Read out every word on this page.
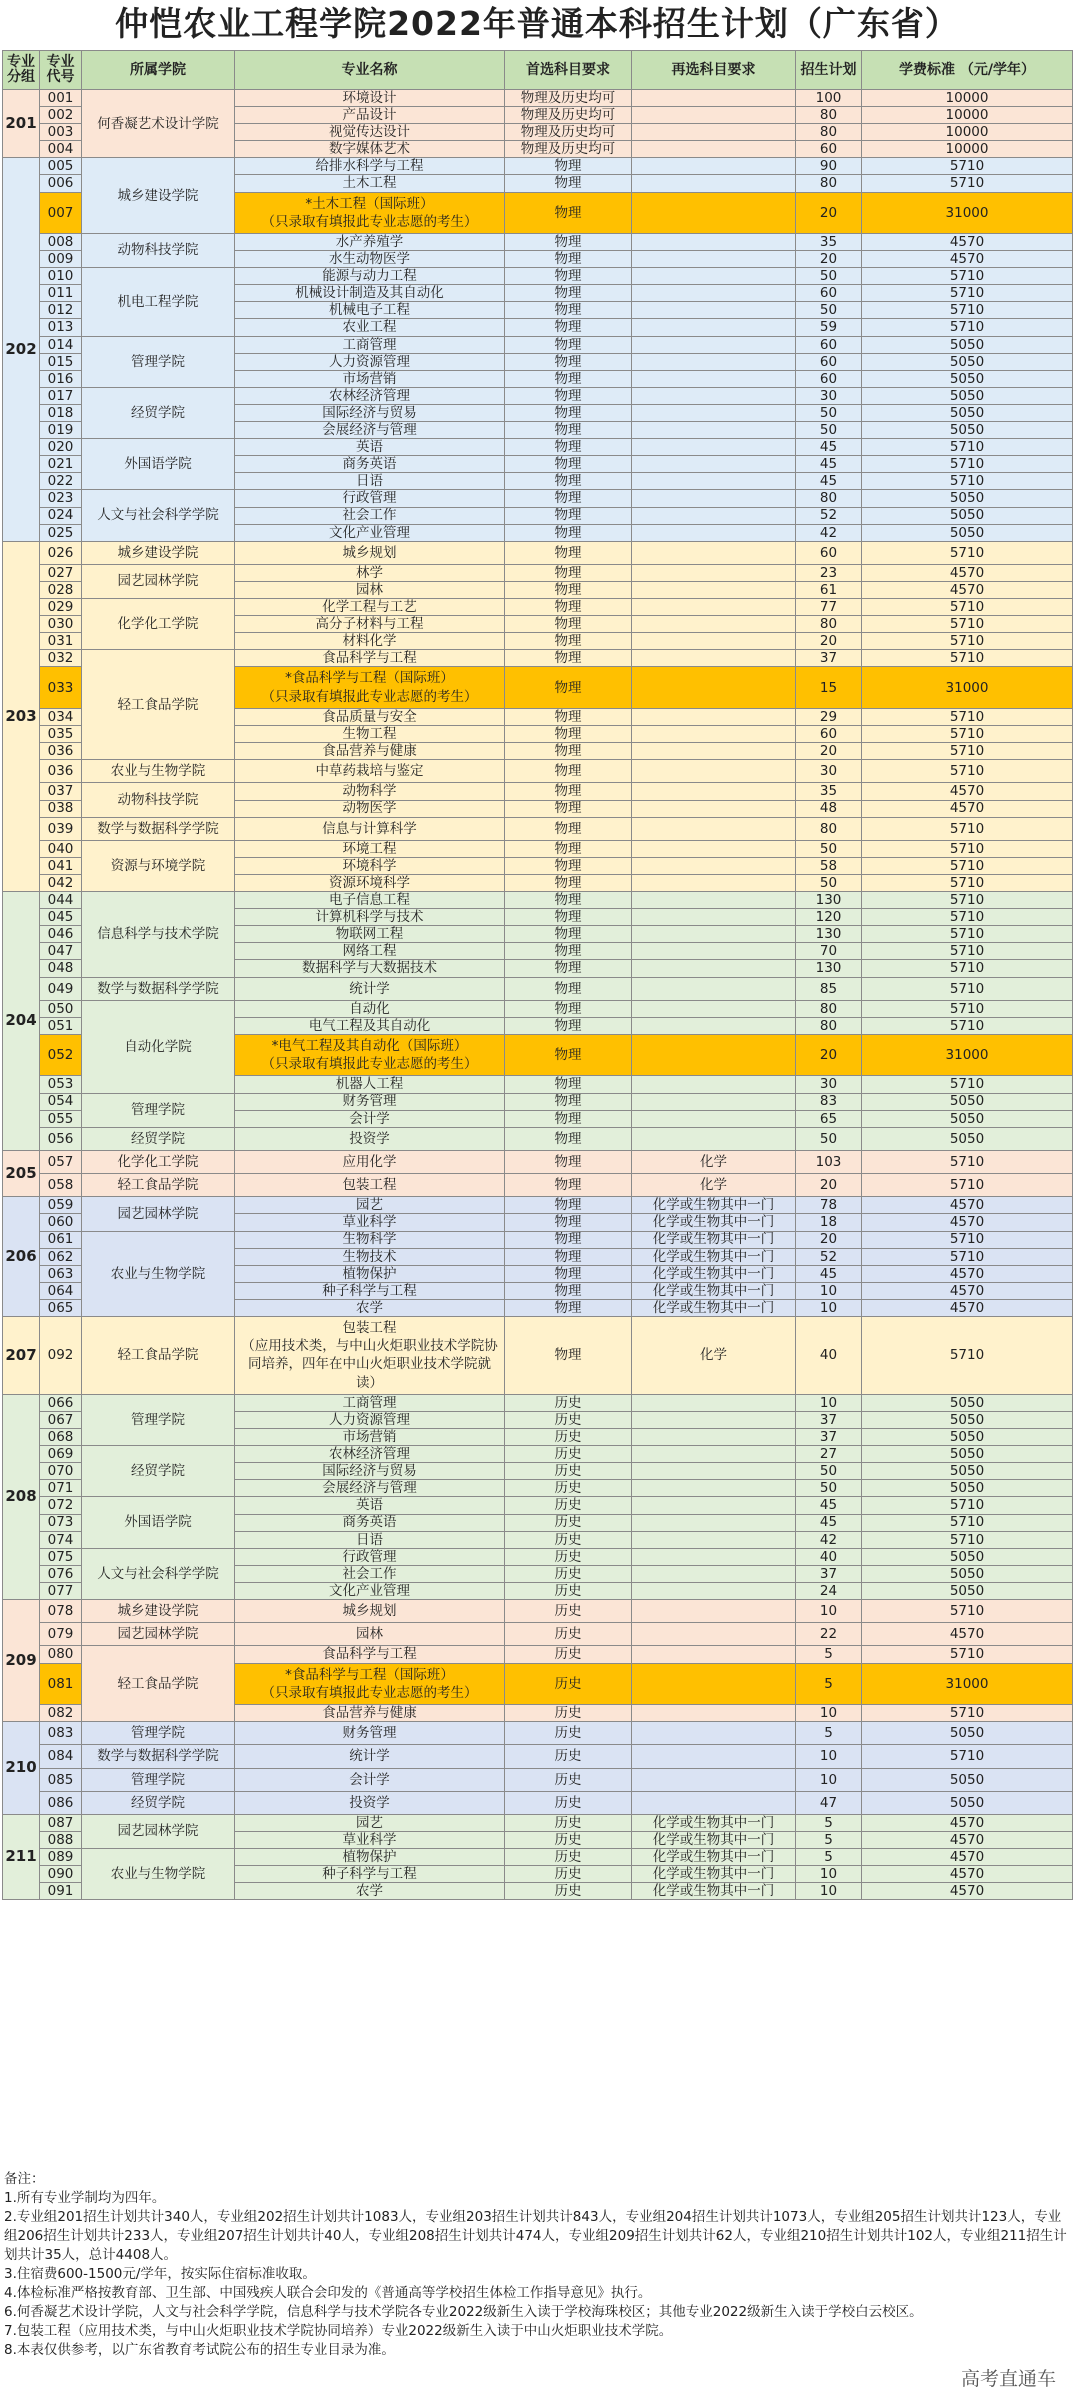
仲恺农业工程学院2022年普通本科招生计划（广东省）
专业分组	专业代号	所属学院	专业名称	首选科目要求	再选科目要求	招生计划	学费标准 （元/学年）
201	001	何香凝艺术设计学院	环境设计	物理及历史均可		100	10000
	002		产品设计	物理及历史均可		80	10000
	003		视觉传达设计	物理及历史均可		80	10000
	004		数字媒体艺术	物理及历史均可		60	10000
202	005	城乡建设学院	给排水科学与工程	物理		90	5710
	006		土木工程	物理		80	5710
	007		*土木工程（国际班）
（只录取有填报此专业志愿的考生）	物理		20	31000
	008	动物科技学院	水产养殖学	物理		35	4570
	009		水生动物医学	物理		20	4570
	010	机电工程学院	能源与动力工程	物理		50	5710
	011		机械设计制造及其自动化	物理		60	5710
	012		机械电子工程	物理		50	5710
	013		农业工程	物理		59	5710
	014	管理学院	工商管理	物理		60	5050
	015		人力资源管理	物理		60	5050
	016		市场营销	物理		60	5050
	017	经贸学院	农林经济管理	物理		30	5050
	018		国际经济与贸易	物理		50	5050
	019		会展经济与管理	物理		50	5050
	020	外国语学院	英语	物理		45	5710
	021		商务英语	物理		45	5710
	022		日语	物理		45	5710
	023	人文与社会科学学院	行政管理	物理		80	5050
	024		社会工作	物理		52	5050
	025		文化产业管理	物理		42	5050
203	026	城乡建设学院	城乡规划	物理		60	5710
	027	园艺园林学院	林学	物理		23	4570
	028		园林	物理		61	4570
	029	化学化工学院	化学工程与工艺	物理		77	5710
	030		高分子材料与工程	物理		80	5710
	031		材料化学	物理		20	5710
	032	轻工食品学院	食品科学与工程	物理		37	5710
	033		*食品科学与工程（国际班）
（只录取有填报此专业志愿的考生）	物理		15	31000
	034		食品质量与安全	物理		29	5710
	035		生物工程	物理		60	5710
	036		食品营养与健康	物理		20	5710
	036	农业与生物学院	中草药栽培与鉴定	物理		30	5710
	037	动物科技学院	动物科学	物理		35	4570
	038		动物医学	物理		48	4570
	039	数学与数据科学学院	信息与计算科学	物理		80	5710
	040	资源与环境学院	环境工程	物理		50	5710
	041		环境科学	物理		58	5710
	042		资源环境科学	物理		50	5710
204	044	信息科学与技术学院	电子信息工程	物理		130	5710
	045		计算机科学与技术	物理		120	5710
	046		物联网工程	物理		130	5710
	047		网络工程	物理		70	5710
	048		数据科学与大数据技术	物理		130	5710
	049	数学与数据科学学院	统计学	物理		85	5710
	050	自动化学院	自动化	物理		80	5710
	051		电气工程及其自动化	物理		80	5710
	052		*电气工程及其自动化（国际班）
（只录取有填报此专业志愿的考生）	物理		20	31000
	053		机器人工程	物理		30	5710
	054	管理学院	财务管理	物理		83	5050
	055		会计学	物理		65	5050
	056	经贸学院	投资学	物理		50	5050
205	057	化学化工学院	应用化学	物理	化学	103	5710
	058	轻工食品学院	包装工程	物理	化学	20	5710
206	059	园艺园林学院	园艺	物理	化学或生物其中一门	78	4570
	060		草业科学	物理	化学或生物其中一门	18	4570
	061	农业与生物学院	生物科学	物理	化学或生物其中一门	20	5710
	062		生物技术	物理	化学或生物其中一门	52	5710
	063		植物保护	物理	化学或生物其中一门	45	4570
	064		种子科学与工程	物理	化学或生物其中一门	10	4570
	065		农学	物理	化学或生物其中一门	10	4570
207	092	轻工食品学院	包装工程
（应用技术类，与中山火炬职业技术学院协同培养，四年在中山火炬职业技术学院就读）	物理	化学	40	5710
208	066	管理学院	工商管理	历史		10	5050
	067		人力资源管理	历史		37	5050
	068		市场营销	历史		37	5050
	069	经贸学院	农林经济管理	历史		27	5050
	070		国际经济与贸易	历史		50	5050
	071		会展经济与管理	历史		50	5050
	072	外国语学院	英语	历史		45	5710
	073		商务英语	历史		45	5710
	074		日语	历史		42	5710
	075	人文与社会科学学院	行政管理	历史		40	5050
	076		社会工作	历史		37	5050
	077		文化产业管理	历史		24	5050
209	078	城乡建设学院	城乡规划	历史		10	5710
	079	园艺园林学院	园林	历史		22	4570
	080	轻工食品学院	食品科学与工程	历史		5	5710
	081		*食品科学与工程（国际班）
（只录取有填报此专业志愿的考生）	历史		5	31000
	082		食品营养与健康	历史		10	5710
210	083	管理学院	财务管理	历史		5	5050
	084	数学与数据科学学院	统计学	历史		10	5710
	085	管理学院	会计学	历史		10	5050
	086	经贸学院	投资学	历史		47	5050
211	087	园艺园林学院	园艺	历史	化学或生物其中一门	5	4570
	088		草业科学	历史	化学或生物其中一门	5	4570
	089	农业与生物学院	植物保护	历史	化学或生物其中一门	5	4570
	090		种子科学与工程	历史	化学或生物其中一门	10	4570
	091		农学	历史	化学或生物其中一门	10	4570
备注：
1.所有专业学制均为四年。
2.专业组201招生计划共计340人，专业组202招生计划共计1083人，专业组203招生计划共计843人，专业组204招生计划共计1073人，专业组205招生计划共计123人，专业组206招生计划共计233人，专业组207招生计划共计40人，专业组208招生计划共计474人，专业组209招生计划共计62人，专业组210招生计划共计102人，专业组211招生计划共计35人，总计4408人。
3.住宿费600-1500元/学年，按实际住宿标准收取。
4.体检标准严格按教育部、卫生部、中国残疾人联合会印发的《普通高等学校招生体检工作指导意见》执行。
6.何香凝艺术设计学院，人文与社会科学学院，信息科学与技术学院各专业2022级新生入读于学校海珠校区；其他专业2022级新生入读于学校白云校区。
7.包装工程（应用技术类，与中山火炬职业技术学院协同培养）专业2022级新生入读于中山火炬职业技术学院。
8.本表仅供参考，以广东省教育考试院公布的招生专业目录为准。
高考直通车
